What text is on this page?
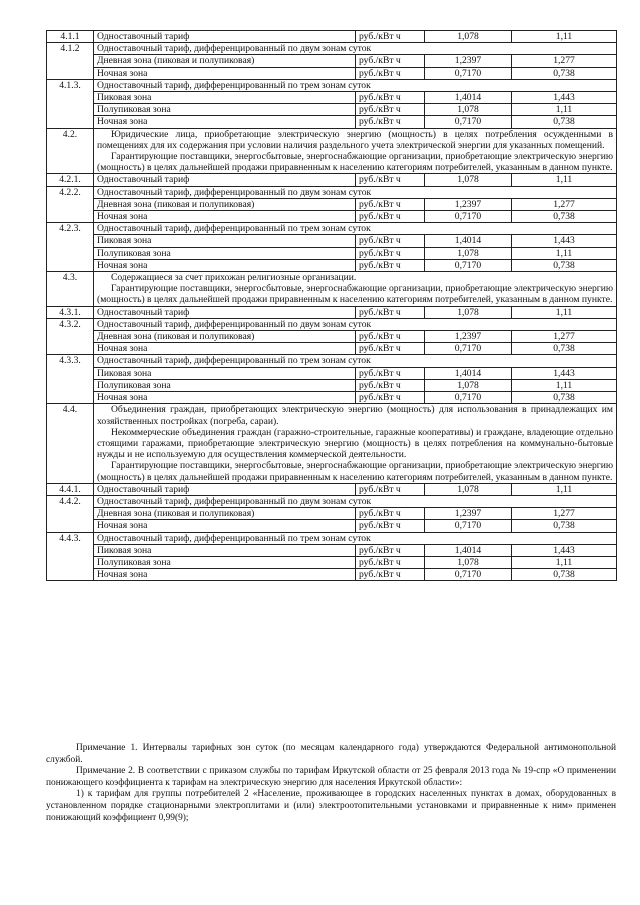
4.1.1	Одноставочный тариф	руб./кВт ч	1,078	1,11
4.1.2	Одноставочный тариф, дифференцированный по двум зонам суток			
	Дневная зона (пиковая и полупиковая)	руб./кВт ч	1,2397	1,277
	Ночная зона	руб./кВт ч	0,7170	0,738
4.1.3.	Одноставочный тариф, дифференцированный по трем зонам суток			
	Пиковая зона	руб./кВт ч	1,4014	1,443
	Полупиковая зона	руб./кВт ч	1,078	1,11
	Ночная зона	руб./кВт ч	0,7170	0,738
4.2.	Юридические лица, приобретающие электрическую энергию (мощность) в целях потребления осужденными в помещениях для их содержания при условии наличия раздельного учета электрической энергии для указанных помещений.

Гарантирующие поставщики, энергосбытовые, энергоснабжающие организации, приобретающие электрическую энергию (мощность) в целях дальнейшей продажи приравненным к населению категориям потребителей, указанным в данном пункте.			

4.2.1.	Одноставочный тариф	руб./кВт ч	1,078	1,11
4.2.2.	Одноставочный тариф, дифференцированный по двум зонам суток			
	Дневная зона (пиковая и полупиковая)	руб./кВт ч	1,2397	1,277
	Ночная зона	руб./кВт ч	0,7170	0,738
4.2.3.	Одноставочный тариф, дифференцированный по трем зонам суток			
	Пиковая зона	руб./кВт ч	1,4014	1,443
	Полупиковая зона	руб./кВт ч	1,078	1,11
	Ночная зона	руб./кВт ч	0,7170	0,738
4.3.	Содержащиеся за счет прихожан религиозные организации.

Гарантирующие поставщики, энергосбытовые, энергоснабжающие организации, приобретающие электрическую энергию (мощность) в целях дальнейшей продажи приравненным к населению категориям потребителей, указанным в данном пункте.			

4.3.1.	Одноставочный тариф	руб./кВт ч	1,078	1,11
4.3.2.	Одноставочный тариф, дифференцированный по двум зонам суток			
	Дневная зона (пиковая и полупиковая)	руб./кВт ч	1,2397	1,277
	Ночная зона	руб./кВт ч	0,7170	0,738
4.3.3.	Одноставочный тариф, дифференцированный по трем зонам суток			
	Пиковая зона	руб./кВт ч	1,4014	1,443
	Полупиковая зона	руб./кВт ч	1,078	1,11
	Ночная зона	руб./кВт ч	0,7170	0,738
4.4.	Объединения граждан, приобретающих электрическую энергию (мощность) для использования в принадлежащих им хозяйственных постройках (погреба, сараи).

Некоммерческие объединения граждан (гаражно-строительные, гаражные кооперативы) и граждане, владеющие отдельно стоящими гаражами, приобретающие электрическую энергию (мощность) в целях потребления на коммунально-бытовые нужды и не используемую для осуществления коммерческой деятельности.

Гарантирующие поставщики, энергосбытовые, энергоснабжающие организации, приобретающие электрическую энергию (мощность) в целях дальнейшей продажи приравненным к населению категориям потребителей, указанным в данном пункте.			

4.4.1.	Одноставочный тариф	руб./кВт ч	1,078	1,11
4.4.2.	Одноставочный тариф, дифференцированный по двум зонам суток			
	Дневная зона (пиковая и полупиковая)	руб./кВт ч	1,2397	1,277
	Ночная зона	руб./кВт ч	0,7170	0,738
4.4.3.	Одноставочный тариф, дифференцированный по трем зонам суток			
	Пиковая зона	руб./кВт ч	1,4014	1,443
	Полупиковая зона	руб./кВт ч	1,078	1,11
	Ночная зона	руб./кВт ч	0,7170	0,738

Примечание 1. Интервалы тарифных зон суток (по месяцам календарного года) утверждаются Федеральной антимонопольной службой.

Примечание 2. В соответствии с приказом службы по тарифам Иркутской области от 25 февраля 2013 года № 19-спр «О применении понижающего коэффициента к тарифам на электрическую энергию для населения Иркутской области»:

1) к тарифам для группы потребителей 2 «Население, проживающее в городских населенных пунктах в домах, оборудованных в установленном порядке стационарными электроплитами и (или) электроотопительными установками и приравненные к ним» применен понижающий коэффициент 0,99(9);
